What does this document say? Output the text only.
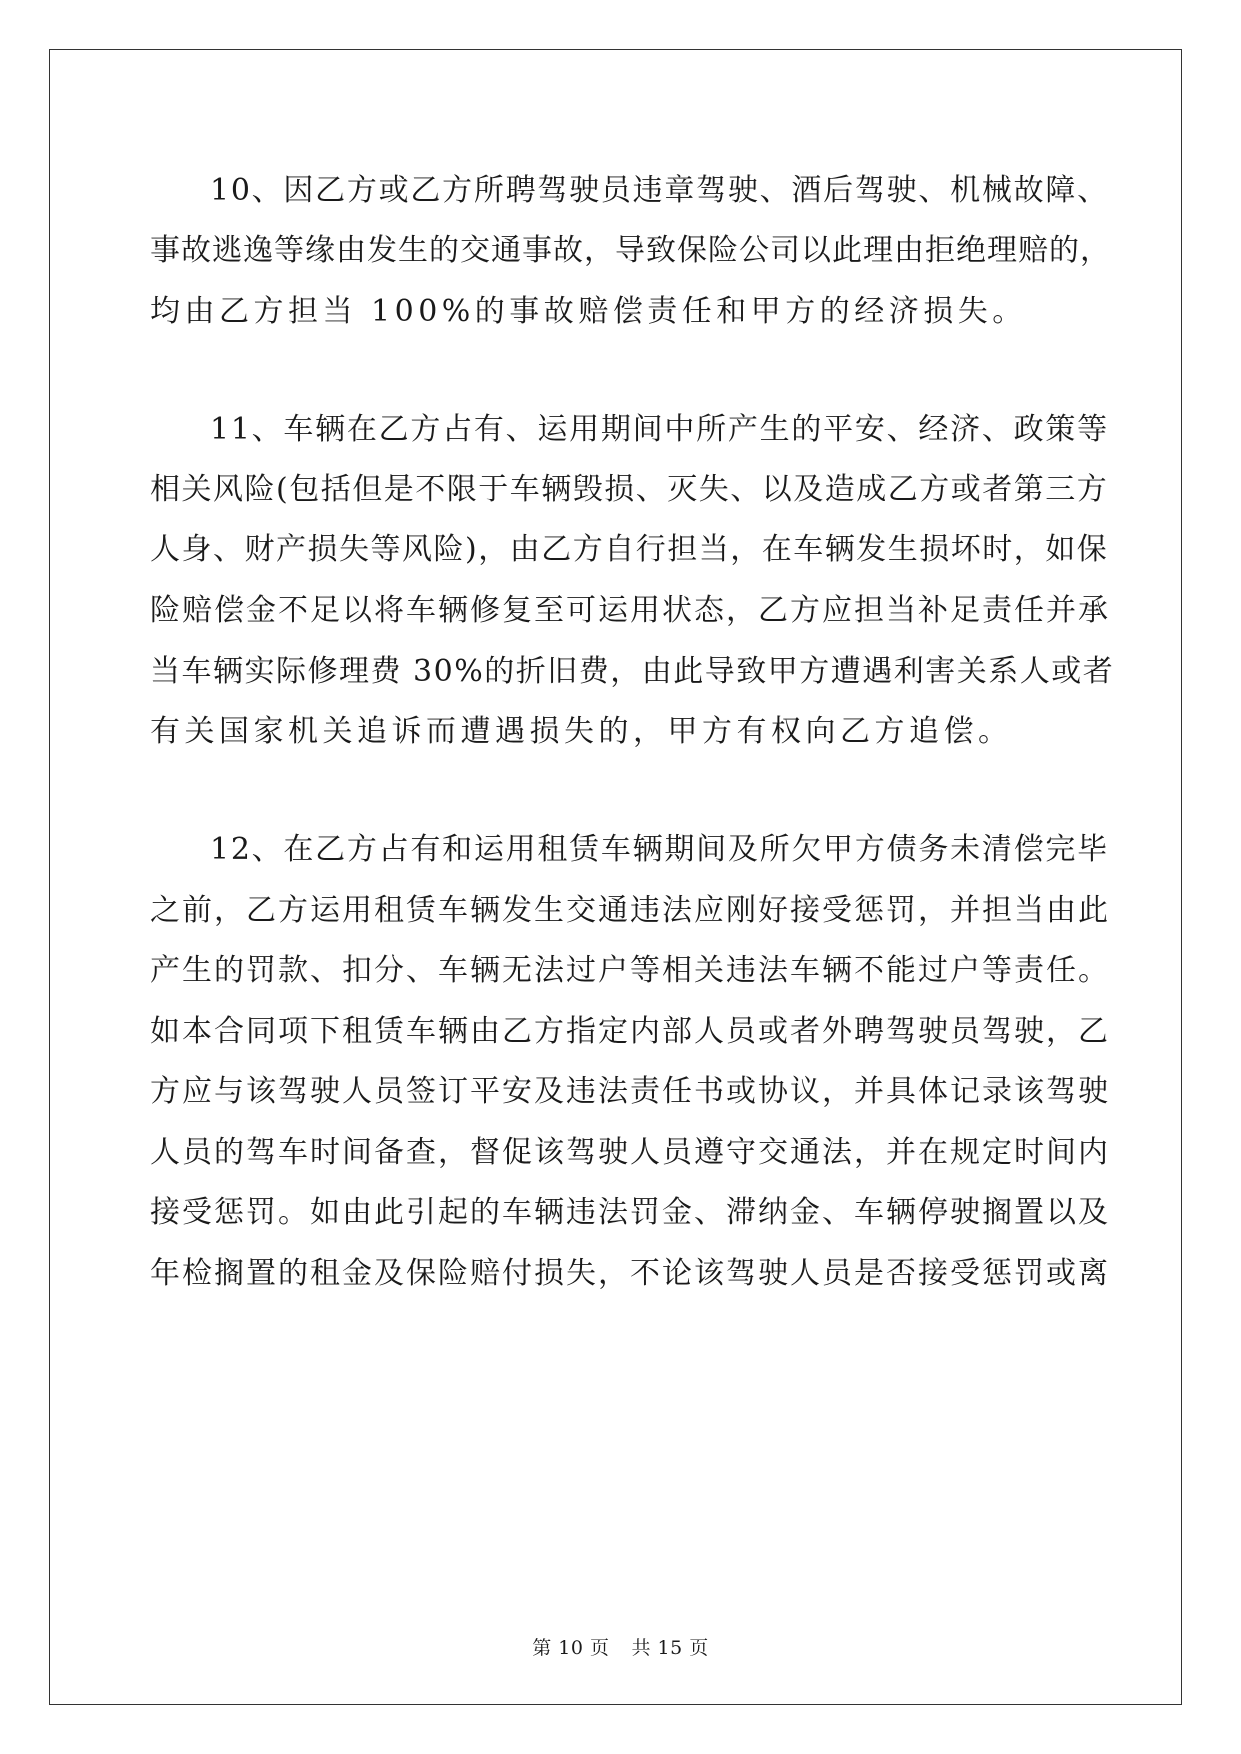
10、因乙方或乙方所聘驾驶员违章驾驶、酒后驾驶、机械故障、
事故逃逸等缘由发生的交通事故，导致保险公司以此理由拒绝理赔的，
均由乙方担当 100%的事故赔偿责任和甲方的经济损失。
11、车辆在乙方占有、运用期间中所产生的平安、经济、政策等
相关风险(包括但是不限于车辆毁损、灭失、以及造成乙方或者第三方
人身、财产损失等风险)，由乙方自行担当，在车辆发生损坏时，如保
险赔偿金不足以将车辆修复至可运用状态，乙方应担当补足责任并承
当车辆实际修理费 30%的折旧费，由此导致甲方遭遇利害关系人或者
有关国家机关追诉而遭遇损失的，甲方有权向乙方追偿。
12、在乙方占有和运用租赁车辆期间及所欠甲方债务未清偿完毕
之前，乙方运用租赁车辆发生交通违法应刚好接受惩罚，并担当由此
产生的罚款、扣分、车辆无法过户等相关违法车辆不能过户等责任。
如本合同项下租赁车辆由乙方指定内部人员或者外聘驾驶员驾驶，乙
方应与该驾驶人员签订平安及违法责任书或协议，并具体记录该驾驶
人员的驾车时间备查，督促该驾驶人员遵守交通法，并在规定时间内
接受惩罚。如由此引起的车辆违法罚金、滞纳金、车辆停驶搁置以及
年检搁置的租金及保险赔付损失，不论该驾驶人员是否接受惩罚或离
第 10 页 共 15 页
